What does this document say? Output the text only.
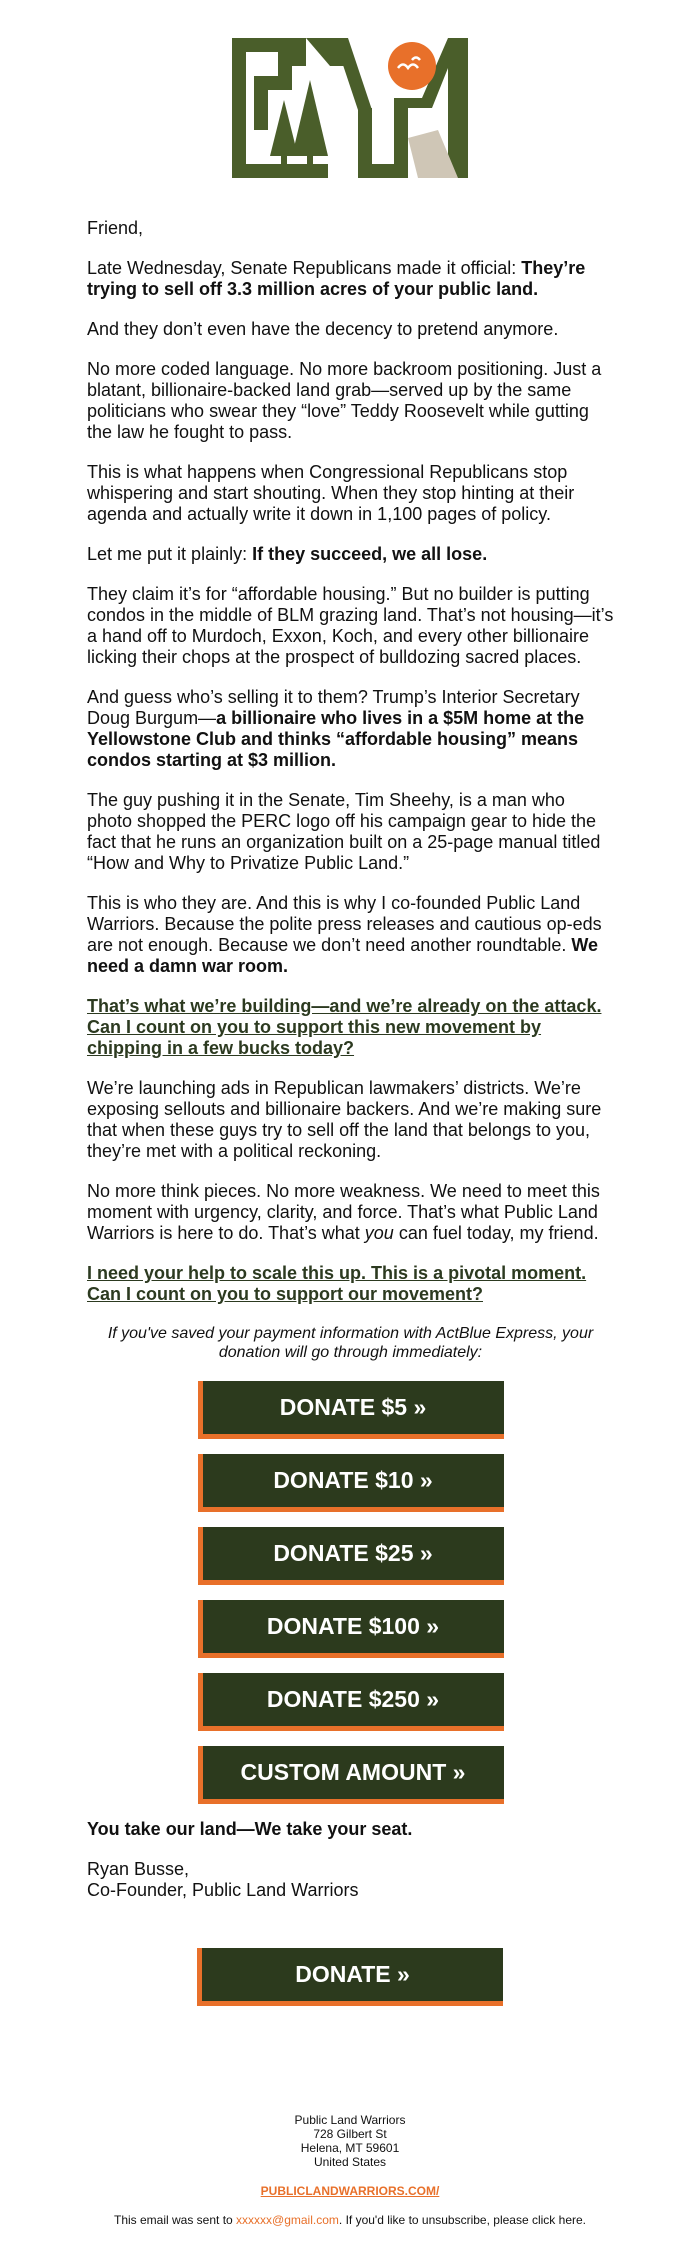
Friend,

Late Wednesday, Senate Republicans made it official: They’re trying to sell off 3.3 million acres of your public land.

And they don’t even have the decency to pretend anymore.

No more coded language. No more backroom positioning. Just a blatant, billionaire-backed land grab—served up by the same politicians who swear they “love” Teddy Roosevelt while gutting the law he fought to pass.

This is what happens when Congressional Republicans stop whispering and start shouting. When they stop hinting at their agenda and actually write it down in 1,100 pages of policy.

Let me put it plainly: If they succeed, we all lose.

They claim it’s for “affordable housing.” But no builder is putting condos in the middle of BLM grazing land. That’s not housing—it’s a hand off to Murdoch, Exxon, Koch, and every other billionaire licking their chops at the prospect of bulldozing sacred places.

And guess who’s selling it to them? Trump’s Interior Secretary Doug Burgum—a billionaire who lives in a $5M home at the Yellowstone Club and thinks “affordable housing” means condos starting at $3 million.

The guy pushing it in the Senate, Tim Sheehy, is a man who photo shopped the PERC logo off his campaign gear to hide the fact that he runs an organization built on a 25-page manual titled “How and Why to Privatize Public Land.”

This is who they are. And this is why I co-founded Public Land Warriors. Because the polite press releases and cautious op-eds are not enough. Because we don’t need another roundtable. We need a damn war room.

That’s what we’re building—and we’re already on the attack. Can I count on you to support this new movement by chipping in a few bucks today?

We’re launching ads in Republican lawmakers’ districts. We’re exposing sellouts and billionaire backers. And we’re making sure that when these guys try to sell off the land that belongs to you, they’re met with a political reckoning.

No more think pieces. No more weakness. We need to meet this moment with urgency, clarity, and force. That’s what Public Land Warriors is here to do. That’s what you can fuel today, my friend.

I need your help to scale this up. This is a pivotal moment. Can I count on you to support our movement?

If you've saved your payment information with ActBlue Express, your donation will go through immediately:

DONATE $5 »
DONATE $10 »
DONATE $25 »
DONATE $100 »
DONATE $250 »
CUSTOM AMOUNT »

You take our land—We take your seat.

Ryan Busse,

Co-Founder, Public Land Warriors

DONATE »
Public Land Warriors
728 Gilbert St
Helena, MT 59601
United States
PUBLICLANDWARRIORS.COM/
This email was sent to xxxxxx@gmail.com. If you'd like to unsubscribe, please click here.
